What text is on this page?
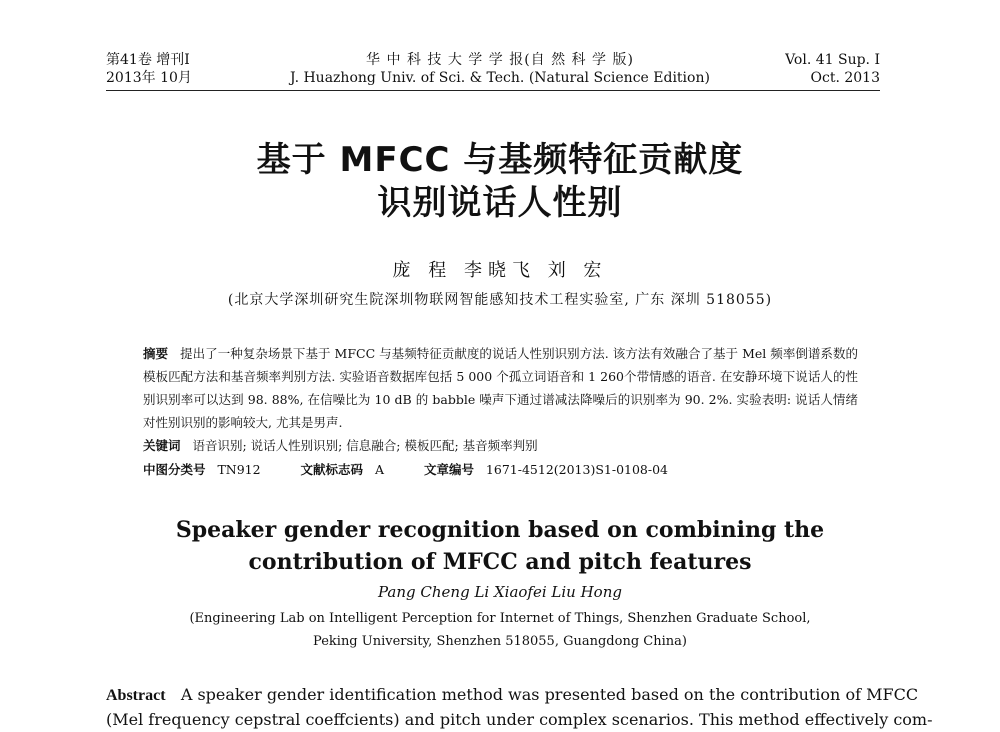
第41卷 增刊Ⅰ
2013年 10月
华 中 科 技 大 学 学 报(自 然 科 学 版)
J. Huazhong Univ. of Sci. & Tech. (Natural Science Edition)
Vol. 41 Sup. Ⅰ
Oct. 2013
基于 MFCC 与基频特征贡献度
识别说话人性别
庞 程 李晓飞 刘 宏
(北京大学深圳研究生院深圳物联网智能感知技术工程实验室, 广东 深圳 518055)
摘要 提出了一种复杂场景下基于 MFCC 与基频特征贡献度的说话人性别识别方法. 该方法有效融合了基于 Mel 频率倒谱系数的模板匹配方法和基音频率判别方法. 实验语音数据库包括 5 000 个孤立词语音和 1 260个带情感的语音. 在安静环境下说话人的性别识别率可以达到 98. 88%, 在信噪比为 10 dB 的 babble 噪声下通过谱减法降噪后的识别率为 90. 2%. 实验表明: 说话人情绪对性别识别的影响较大, 尤其是男声.
关键词 语音识别; 说话人性别识别; 信息融合; 模板匹配; 基音频率判别
中图分类号 TN912	文献标志码 A	文章编号 1671-4512(2013)S1-0108-04
Speaker gender recognition based on combining the
contribution of MFCC and pitch features
Pang Cheng Li Xiaofei Liu Hong
(Engineering Lab on Intelligent Perception for Internet of Things, Shenzhen Graduate School,
Peking University, Shenzhen 518055, Guangdong China)
Abstract A speaker gender identification method was presented based on the contribution of MFCC
(Mel frequency cepstral coeffcients) and pitch under complex scenarios. This method effectively com-
